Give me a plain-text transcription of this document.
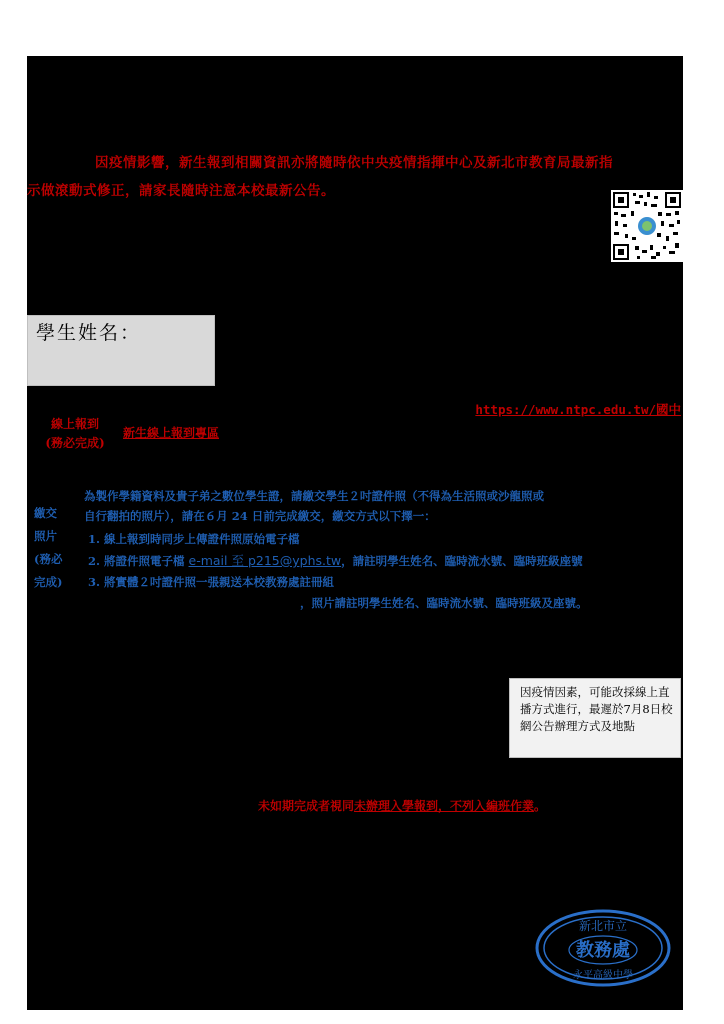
因疫情影響，新生報到相關資訊亦將隨時依中央疫情指揮中心及新北市教育局最新指
示做滾動式修正，請家長隨時注意本校最新公告。
學生姓名：
https://www.ntpc.edu.tw/國中
線上報到
(務必完成)
新生線上報到專區
繳交
照片
(務必
完成)
為製作學籍資料及貴子弟之數位學生證，請繳交學生２吋證件照（不得為生活照或沙龍照或
自行翻拍的照片），請在６月 24 日前完成繳交，繳交方式以下擇一：
1. 線上報到時同步上傳證件照原始電子檔
2. 將證件照電子檔 e-mail 至 p215@yphs.tw，請註明學生姓名、臨時流水號、臨時班級座號
3. 將實體２吋證件照一張親送本校教務處註冊組
，照片請註明學生姓名、臨時流水號、臨時班級及座號。
因疫情因素，可能改採線上直播方式進行，最遲於7月8日校網公告辦理方式及地點
未如期完成者視同未辦理入學報到，不列入編班作業。
新北市立
教務處
永平高級中學
